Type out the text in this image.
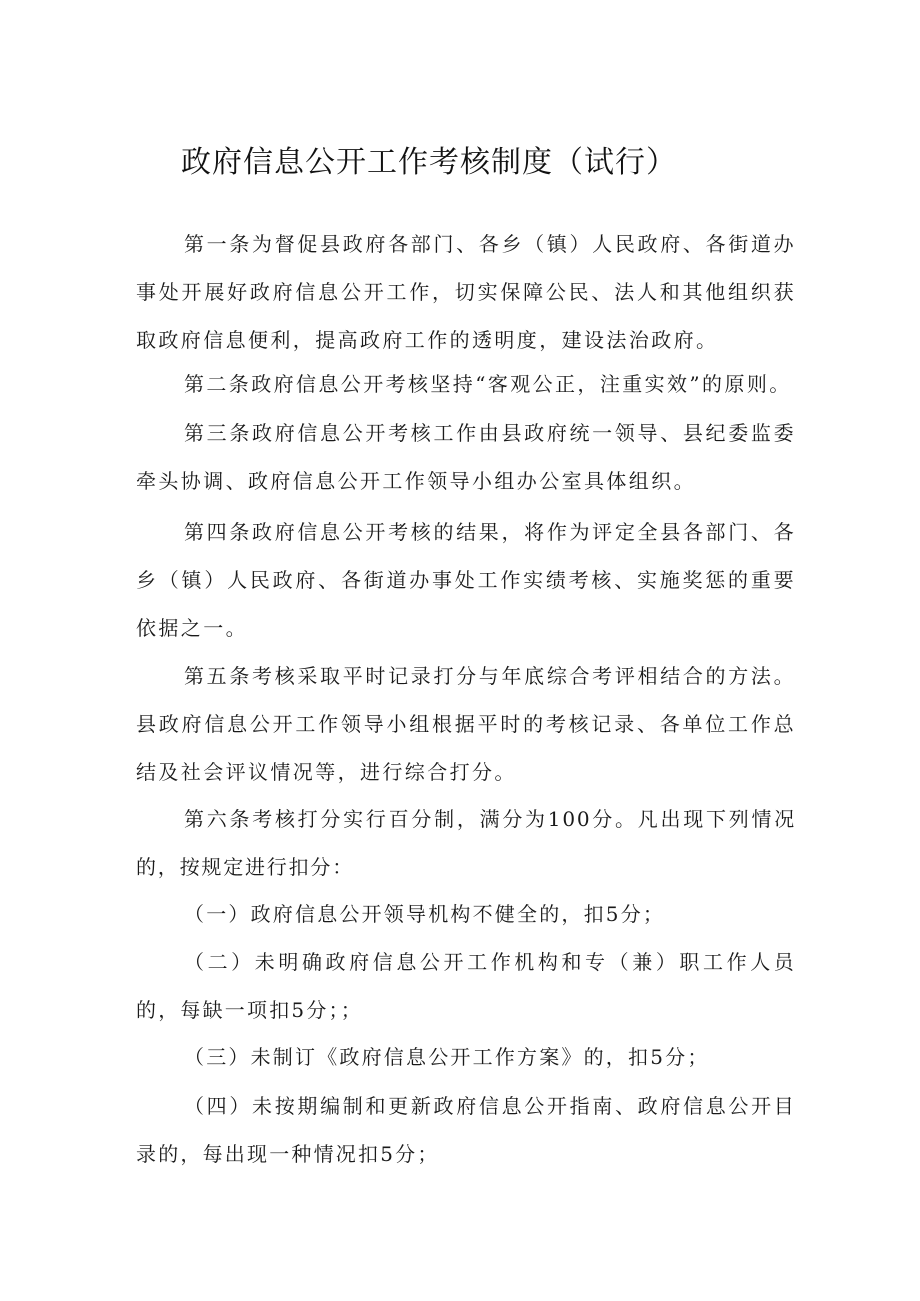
政府信息公开工作考核制度（试行）

第一条为督促县政府各部门、各乡（镇）人民政府、各街道办事处开展好政府信息公开工作，切实保障公民、法人和其他组织获取政府信息便利，提高政府工作的透明度，建设法治政府。

第二条政府信息公开考核坚持“客观公正，注重实效”的原则。

第三条政府信息公开考核工作由县政府统一领导、县纪委监委牵头协调、政府信息公开工作领导小组办公室具体组织。

第四条政府信息公开考核的结果，将作为评定全县各部门、各乡（镇）人民政府、各街道办事处工作实绩考核、实施奖惩的重要依据之一。

第五条考核采取平时记录打分与年底综合考评相结合的方法。县政府信息公开工作领导小组根据平时的考核记录、各单位工作总结及社会评议情况等，进行综合打分。

第六条考核打分实行百分制，满分为100分。凡出现下列情况的，按规定进行扣分：

（一）政府信息公开领导机构不健全的，扣5分；

（二）未明确政府信息公开工作机构和专（兼）职工作人员的，每缺一项扣5分；；

（三）未制订《政府信息公开工作方案》的，扣5分；

（四）未按期编制和更新政府信息公开指南、政府信息公开目录的，每出现一种情况扣5分；
